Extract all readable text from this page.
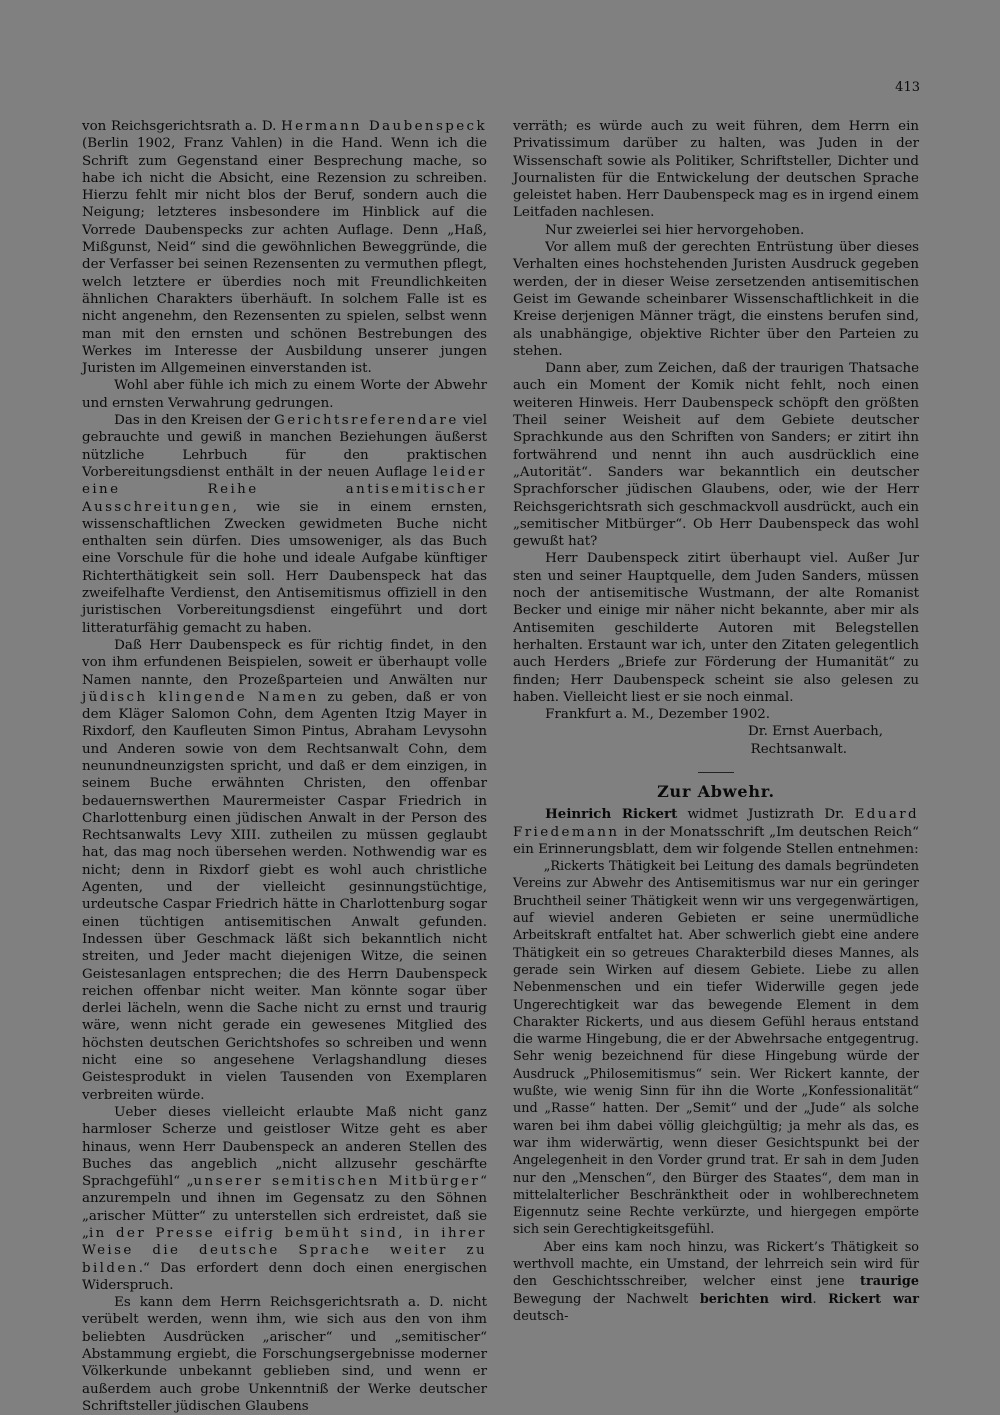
413

von Reichsgerichtsrath a. D. Hermann Daubenspeck (Berlin 1902, Franz Vahlen) in die Hand. Wenn ich die Schrift zum Gegenstand einer Besprechung mache, so habe ich nicht die Absicht, eine Rezension zu schreiben. Hierzu fehlt mir nicht blos der Beruf, sondern auch die Neigung; letzteres insbesondere im Hinblick auf die Vorrede Daubenspecks zur achten Auflage. Denn „Haß, Mißgunst, Neid“ sind die gewöhnlichen Beweggründe, die der Verfasser bei seinen Rezensenten zu vermuthen pflegt, welch letztere er überdies noch mit Freundlichkeiten ähnlichen Charakters überhäuft. In solchem Falle ist es nicht angenehm, den Rezensenten zu spielen, selbst wenn man mit den ernsten und schönen Bestrebungen des Werkes im Interesse der Ausbildung unserer jungen Juristen im Allgemeinen einverstanden ist.

Wohl aber fühle ich mich zu einem Worte der Abwehr und ernsten Verwahrung gedrungen.

Das in den Kreisen der Gerichtsreferendare viel gebrauchte und gewiß in manchen Beziehungen äußerst nützliche Lehrbuch für den praktischen Vorbereitungsdienst enthält in der neuen Auflage leider eine Reihe antisemitischer Ausschreitungen, wie sie in einem ernsten, wissenschaftlichen Zwecken gewidmeten Buche nicht enthalten sein dürfen. Dies umsoweniger, als das Buch eine Vorschule für die hohe und ideale Aufgabe künftiger Richterthätigkeit sein soll. Herr Daubenspeck hat das zweifelhafte Verdienst, den Antisemitismus offiziell in den juristischen Vorbereitungsdienst eingeführt und dort litteraturfähig gemacht zu haben.

Daß Herr Daubenspeck es für richtig findet, in den von ihm erfundenen Beispielen, soweit er überhaupt volle Namen nannte, den Prozeßparteien und Anwälten nur jüdisch klingende Namen zu geben, daß er von dem Kläger Salomon Cohn, dem Agenten Itzig Mayer in Rixdorf, den Kaufleuten Simon Pintus, Abraham Levysohn und Anderen sowie von dem Rechtsanwalt Cohn, dem neunundneunzigsten spricht, und daß er dem einzigen, in seinem Buche erwähnten Christen, den offenbar bedauernswerthen Maurermeister Caspar Friedrich in Charlottenburg einen jüdischen Anwalt in der Person des Rechtsanwalts Levy XIII. zutheilen zu müssen geglaubt hat, das mag noch übersehen werden. Nothwendig war es nicht; denn in Rixdorf giebt es wohl auch christliche Agenten, und der vielleicht gesinnungstüchtige, urdeutsche Caspar Friedrich hätte in Charlottenburg sogar einen tüchtigen antisemitischen Anwalt gefunden. Indessen über Geschmack läßt sich bekanntlich nicht streiten, und Jeder macht diejenigen Witze, die seinen Geistesanlagen entsprechen; die des Herrn Daubenspeck reichen offenbar nicht weiter. Man könnte sogar über derlei lächeln, wenn die Sache nicht zu ernst und traurig wäre, wenn nicht gerade ein gewesenes Mitglied des höchsten deutschen Gerichtshofes so schreiben und wenn nicht eine so angesehene Verlagshandlung dieses Geistesprodukt in vielen Tausenden von Exemplaren verbreiten würde.

Ueber dieses vielleicht erlaubte Maß nicht ganz harmloser Scherze und geistloser Witze geht es aber hinaus, wenn Herr Daubenspeck an anderen Stellen des Buches das angeblich „nicht allzusehr geschärfte Sprachgefühl“ „unserer semitischen Mitbürger“ anzurempeln und ihnen im Gegensatz zu den Söhnen „arischer Mütter“ zu unterstellen sich erdreistet, daß sie „in der Presse eifrig bemüht sind, in ihrer Weise die deutsche Sprache weiter zu bilden.“ Das erfordert denn doch einen energischen Widerspruch.

Es kann dem Herrn Reichsgerichtsrath a. D. nicht verübelt werden, wenn ihm, wie sich aus den von ihm beliebten Ausdrücken „arischer“ und „semitischer“ Abstammung ergiebt, die Forschungsergebnisse moderner Völkerkunde unbekannt geblieben sind, und wenn er außerdem auch grobe Unkenntniß der Werke deutscher Schriftsteller jüdischen Glaubens

verräth; es würde auch zu weit führen, dem Herrn ein Privatissimum darüber zu halten, was Juden in der Wissenschaft sowie als Politiker, Schriftsteller, Dichter und Journalisten für die Entwickelung der deutschen Sprache geleistet haben. Herr Daubenspeck mag es in irgend einem Leitfaden nachlesen.

Nur zweierlei sei hier hervorgehoben.

Vor allem muß der gerechten Entrüstung über dieses Verhalten eines hochstehenden Juristen Ausdruck gegeben werden, der in dieser Weise zersetzenden antisemitischen Geist im Gewande scheinbarer Wissenschaftlichkeit in die Kreise derjenigen Männer trägt, die einstens berufen sind, als unabhängige, objektive Richter über den Parteien zu stehen.

Dann aber, zum Zeichen, daß der traurigen Thatsache auch ein Moment der Komik nicht fehlt, noch einen weiteren Hinweis. Herr Daubenspeck schöpft den größten Theil seiner Weisheit auf dem Gebiete deutscher Sprachkunde aus den Schriften von Sanders; er zitirt ihn fortwährend und nennt ihn auch ausdrücklich eine „Autorität“. Sanders war bekanntlich ein deutscher Sprachforscher jüdischen Glaubens, oder, wie der Herr Reichsgerichtsrath sich geschmackvoll ausdrückt, auch ein „semitischer Mitbürger“. Ob Herr Daubenspeck das wohl gewußt hat?

Herr Daubenspeck zitirt überhaupt viel. Außer Jur sten und seiner Hauptquelle, dem Juden Sanders, müssen noch der antisemitische Wustmann, der alte Romanist Becker und einige mir näher nicht bekannte, aber mir als Antisemiten geschilderte Autoren mit Belegstellen herhalten. Erstaunt war ich, unter den Zitaten gelegentlich auch Herders „Briefe zur Förderung der Humanität“ zu finden; Herr Daubenspeck scheint sie also gelesen zu haben. Vielleicht liest er sie noch einmal.

Frankfurt a. M., Dezember 1902.

Dr. Ernst Auerbach,

Rechtsanwalt.

Zur Abwehr.

Heinrich Rickert widmet Justizrath Dr. Eduard Friedemann in der Monatsschrift „Im deutschen Reich“ ein Erinnerungsblatt, dem wir folgende Stellen entnehmen:

„Rickerts Thätigkeit bei Leitung des damals begründeten Vereins zur Abwehr des Antisemitismus war nur ein geringer Bruchtheil seiner Thätigkeit wenn wir uns vergegenwärtigen, auf wieviel anderen Gebieten er seine unermüdliche Arbeitskraft entfaltet hat. Aber schwerlich giebt eine andere Thätigkeit ein so getreues Charakterbild dieses Mannes, als gerade sein Wirken auf diesem Gebiete. Liebe zu allen Nebenmenschen und ein tiefer Widerwille gegen jede Ungerechtigkeit war das bewegende Element in dem Charakter Rickerts, und aus diesem Gefühl heraus entstand die warme Hingebung, die er der Abwehrsache entgegentrug. Sehr wenig bezeichnend für diese Hingebung würde der Ausdruck „Philosemitismus“ sein. Wer Rickert kannte, der wußte, wie wenig Sinn für ihn die Worte „Konfessionalität“ und „Rasse“ hatten. Der „Semit“ und der „Jude“ als solche waren bei ihm dabei völlig gleichgültig; ja mehr als das, es war ihm widerwärtig, wenn dieser Gesichtspunkt bei der Angelegenheit in den Vorder grund trat. Er sah in dem Juden nur den „Menschen“, den Bürger des Staates“, dem man in mittelalterlicher Beschränktheit oder in wohlberechnetem Eigennutz seine Rechte verkürzte, und hiergegen empörte sich sein Gerechtigkeitsgefühl.

Aber eins kam noch hinzu, was Rickert’s Thätigkeit so werthvoll machte, ein Umstand, der lehrreich sein wird für den Geschichtsschreiber, welcher einst jene traurige Bewegung der Nachwelt berichten wird. Rickert war deutsch-
